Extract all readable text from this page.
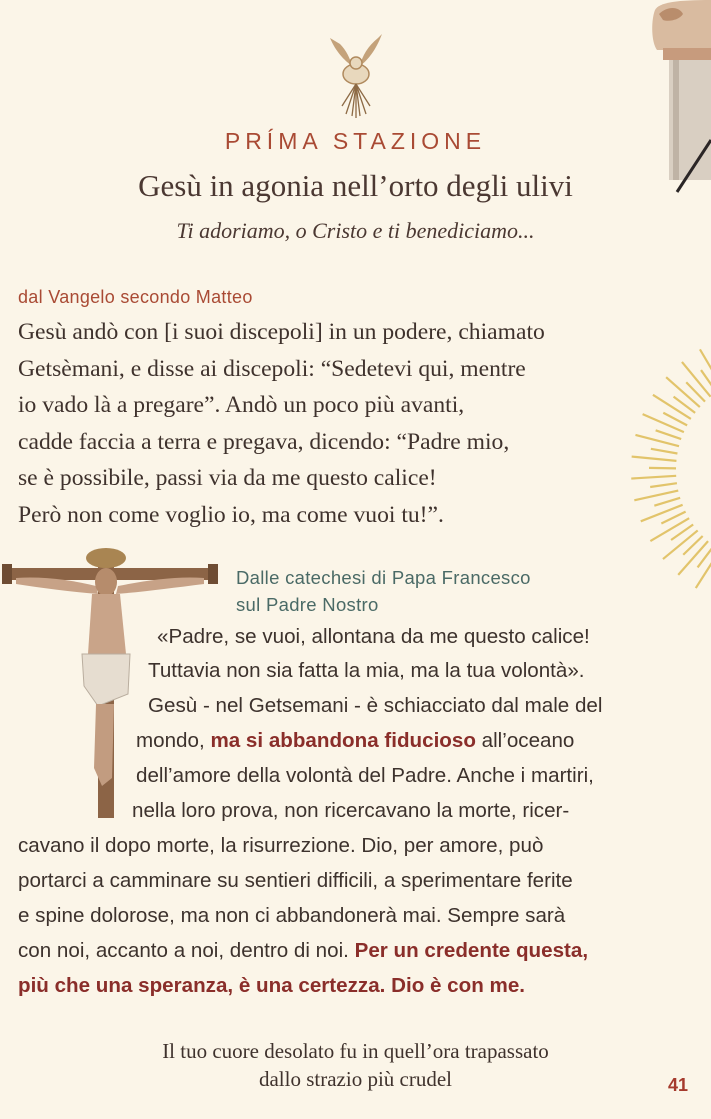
PRÍMA STAZIONE
Gesù in agonia nell’orto degli ulivi
Ti adoriamo, o Cristo e ti benediciamo...
dal Vangelo secondo Matteo
Gesù andò con [i suoi discepoli] in un podere, chiamato
Getsèmani, e disse ai discepoli: “Sedetevi qui, mentre
io vado là a pregare”. Andò un poco più avanti,
cadde faccia a terra e pregava, dicendo: “Padre mio,
se è possibile, passi via da me questo calice!
Però non come voglio io, ma come vuoi tu!”.
Dalle catechesi di Papa Francesco
sul Padre Nostro
«Padre, se vuoi, allontana da me questo calice!
Tuttavia non sia fatta la mia, ma la tua volontà».
Gesù - nel Getsemani - è schiacciato dal male del
mondo, ma si abbandona fiducioso all’oceano
dell’amore della volontà del Padre. Anche i martiri,
nella loro prova, non ricercavano la morte, ricer-
cavano il dopo morte, la risurrezione. Dio, per amore, può
portarci a camminare su sentieri difficili, a sperimentare ferite
e spine dolorose, ma non ci abbandonerà mai. Sempre sarà
con noi, accanto a noi, dentro di noi. Per un credente questa,
più che una speranza, è una certezza. Dio è con me.
Il tuo cuore desolato fu in quell’ora trapassato
dallo strazio più crudel	41
